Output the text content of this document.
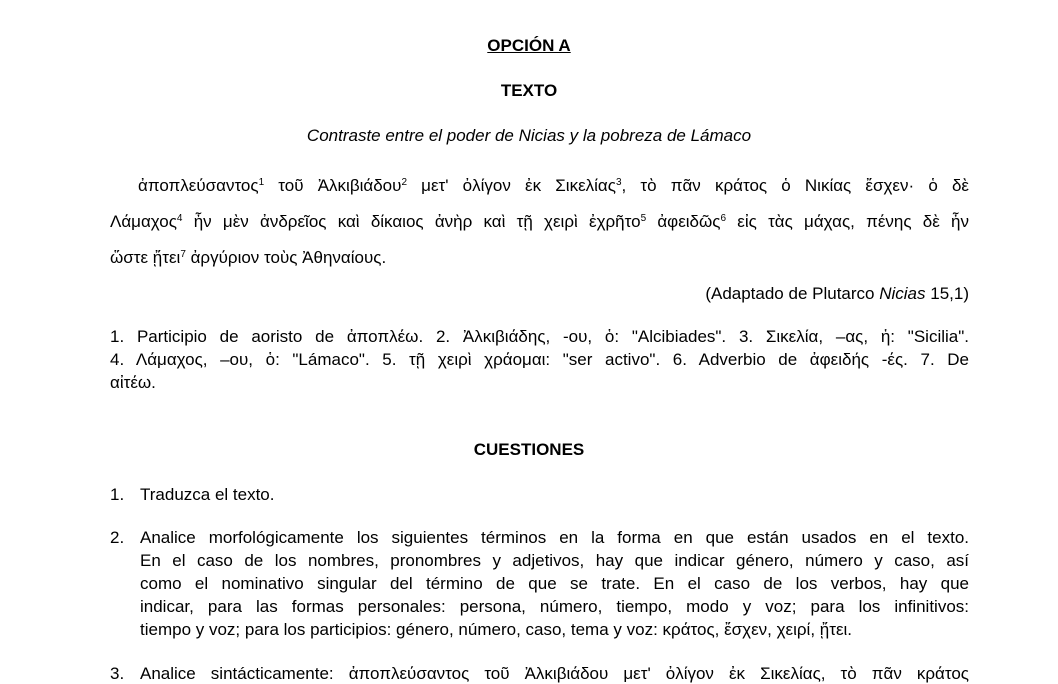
OPCIÓN A
TEXTO
Contraste entre el poder de Nicias y la pobreza de Lámaco
ἀποπλεύσαντος$^1$ τοῦ Ἀλκιβιάδου$^2$ μετ' ὀλίγον ἐκ Σικελίας$^3$, τὸ πᾶν κράτος ὁ Νικίας ἔσχεν· ὁ δὲ
Λάμαχος$^4$ ἦν μὲν ἀνδρεῖος καὶ δίκαιος ἀνὴρ καὶ τῇ χειρὶ ἐχρῆτο$^5$ ἀφειδῶς$^6$ εἰς τὰς μάχας, πένης δὲ ἦν
ὥστε ᾔτει$^7$ ἀργύριον τοὺς Ἀθηναίους.
(Adaptado de Plutarco Nicias 15,1)
1. Participio de aoristo de ἀποπλέω. 2. Ἀλκιβιάδης, -ου, ὁ: "Alcibiades". 3. Σικελία, –ας, ἡ: "Sicilia".
4. Λάμαχος, –ου, ὁ: "Lámaco". 5. τῇ χειρὶ χράομαι: "ser activo". 6. Adverbio de ἀφειδής -ές. 7. De
αἰτέω.
CUESTIONES
1. Traduzca el texto.
2. Analice morfológicamente los siguientes términos en la forma en que están usados en el texto.
En el caso de los nombres, pronombres y adjetivos, hay que indicar género, número y caso, así
como el nominativo singular del término de que se trate. En el caso de los verbos, hay que
indicar, para las formas personales: persona, número, tiempo, modo y voz; para los infinitivos:
tiempo y voz; para los participios: género, número, caso, tema y voz: κράτος, ἔσχεν, χειρί, ᾔτει.
3. Analice sintácticamente: ἀποπλεύσαντος τοῦ Ἀλκιβιάδου μετ' ὀλίγον ἐκ Σικελίας, τὸ πᾶν κράτος
